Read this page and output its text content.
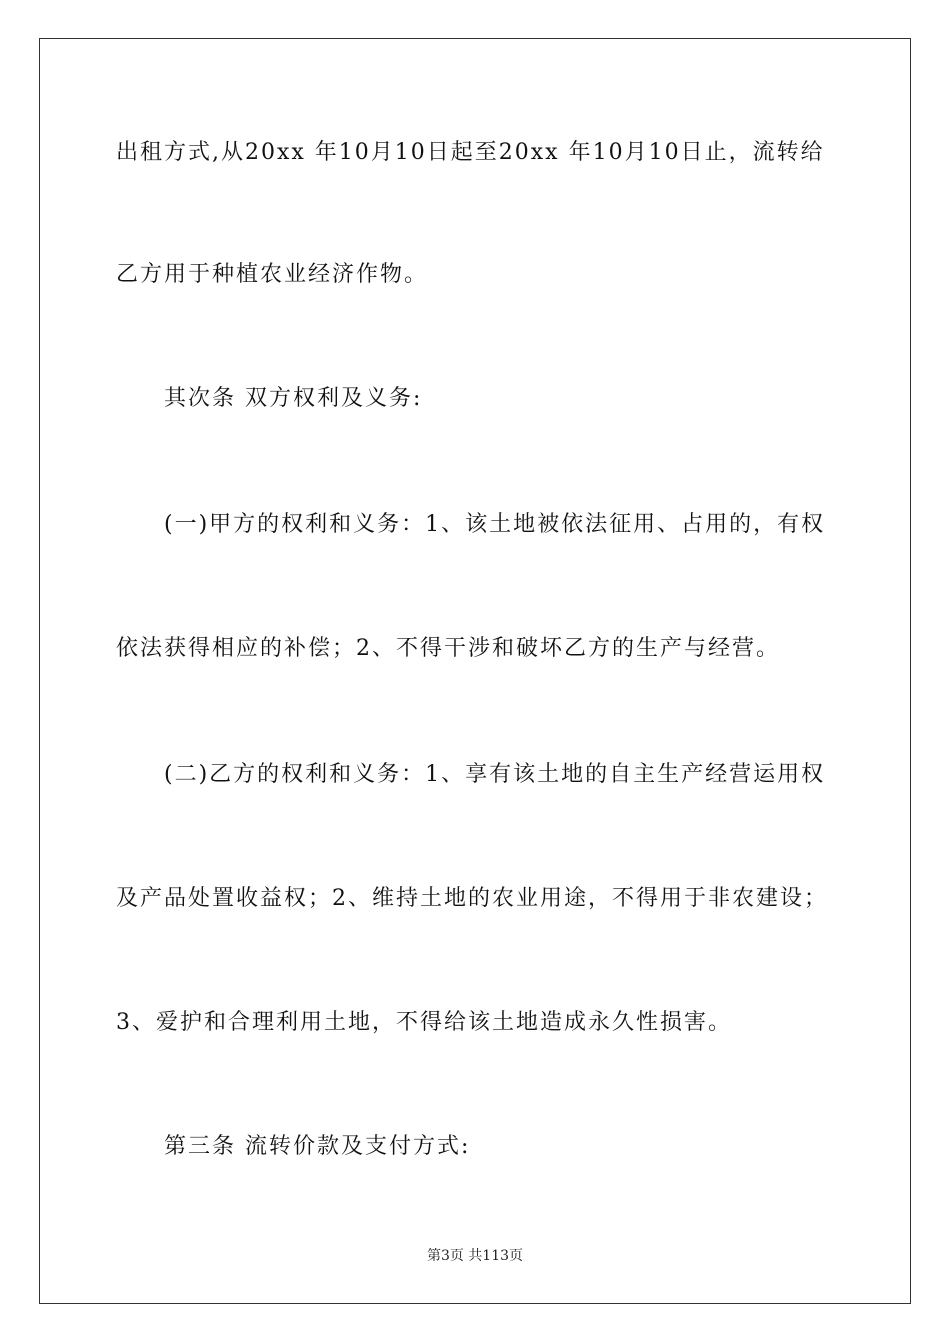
出租方式,从20xx 年10月10日起至20xx 年10月10日止，流转给
乙方用于种植农业经济作物。
其次条 双方权利及义务:
(一)甲方的权利和义务：1、该土地被依法征用、占用的，有权
依法获得相应的补偿；2、不得干涉和破坏乙方的生产与经营。
(二)乙方的权利和义务：1、享有该土地的自主生产经营运用权
及产品处置收益权；2、维持土地的农业用途，不得用于非农建设；
3、爱护和合理利用土地，不得给该土地造成永久性损害。
第三条 流转价款及支付方式:
第3页 共113页
